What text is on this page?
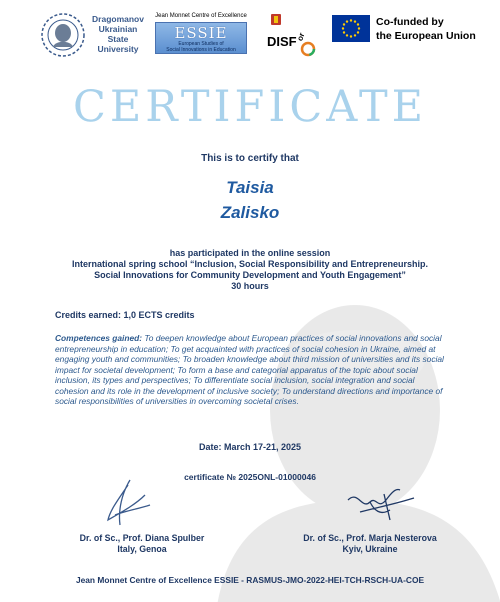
Dragomanov
Ukrainian
State
University
Jean Monnet Centre of Excellence
ESSIE
European Studies of
Social Innovations in Education
DISF
or
Co-funded by
the European Union
CERTIFICATE
This is to certify that
Taisia
Zalisko
has participated in the online session
International spring school “Inclusion, Social Responsibility and Entrepreneurship. Social Innovations for Community Development and Youth Engagement”
30 hours
Credits earned: 1,0 ECTS credits
Competences gained: To deepen knowledge about European practices of social innovations and social entrepreneurship in education; To get acquainted with practices of social cohesion in Ukraine, aimed at engaging youth and communities; To broaden knowledge about third mission of universities and its social impact for societal development; To form a base and categorial apparatus of the topic about social inclusion, its types and perspectives; To differentiate social inclusion, social integration and social cohesion and its role in the development of inclusive society; To understand directions and importance of social responsibilities of universities in overcoming societal crises.
Date: March 17-21, 2025
certificate № 2025ONL-01000046
Dr. of Sc., Prof. Diana Spulber
Italy, Genoa
Dr. of Sc., Prof. Marja Nesterova
Kyiv, Ukraine
Jean Monnet Centre of Excellence ESSIE - RASMUS-JMO-2022-HEI-TCH-RSCH-UA-COE
